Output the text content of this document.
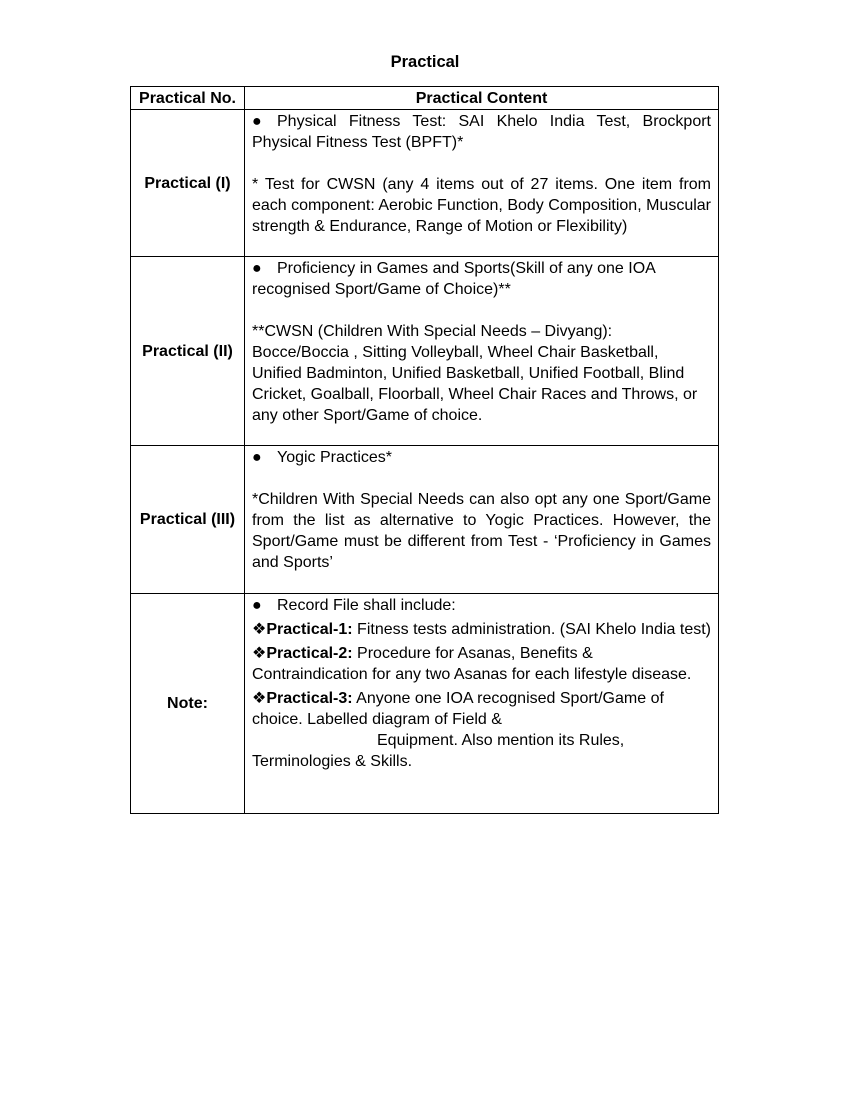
Practical
Practical No.	Practical Content
Practical (I)	● Physical Fitness Test: SAI Khelo India Test, Brockport Physical Fitness Test (BPFT)*
* Test for CWSN (any 4 items out of 27 items. One item from each component: Aerobic Function, Body Composition, Muscular strength & Endurance, Range of Motion or Flexibility)

Practical (II)	● Proficiency in Games and Sports(Skill of any one IOA recognised Sport/Game of Choice)**
**CWSN (Children With Special Needs – Divyang): Bocce/Boccia , Sitting Volleyball, Wheel Chair Basketball, Unified Badminton, Unified Basketball, Unified Football, Blind Cricket, Goalball, Floorball, Wheel Chair Races and Throws, or any other Sport/Game of choice.

Practical (III)	● Yogic Practices*
*Children With Special Needs can also opt any one Sport/Game from the list as alternative to Yogic Practices. However, the Sport/Game must be different from Test - ‘Proficiency in Games and Sports’

Note:	● Record File shall include:
❖Practical-1: Fitness tests administration. (SAI Khelo India test)
❖Practical-2: Procedure for Asanas, Benefits & Contraindication for any two Asanas for each lifestyle disease.
❖Practical-3: Anyone one IOA recognised Sport/Game of choice. Labelled diagram of Field &
Equipment. Also mention its Rules, Terminologies & Skills.
